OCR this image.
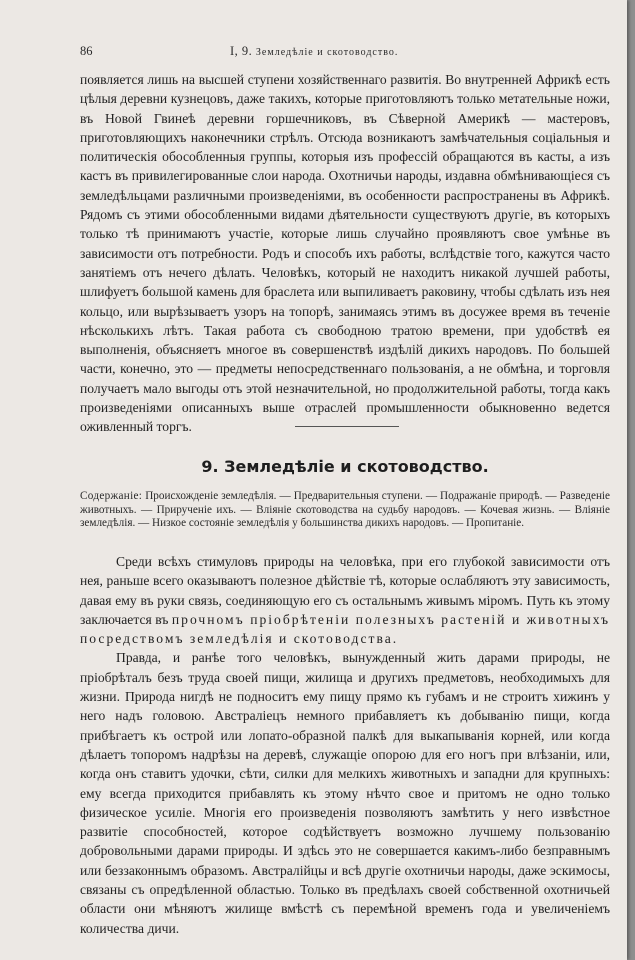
86	I, 9. Земледѣліе и скотоводство.

появляется лишь на высшей ступени хозяйственнаго развитія. Во внутренней Африкѣ есть цѣлыя деревни кузнецовъ, даже такихъ, которые приготовляютъ только метательные ножи, въ Новой Гвинеѣ деревни горшечниковъ, въ Сѣверной Америкѣ — мастеровъ, приготовляющихъ наконечники стрѣлъ. Отсюда возникаютъ замѣчательныя соціальныя и политическія обособленныя группы, которыя изъ профессій обращаются въ касты, а изъ кастъ въ привилегированные слои народа. Охотничьи народы, издавна обмѣнивающіеся съ земледѣльцами различными произведеніями, въ особенности распространены въ Африкѣ. Рядомъ съ этими обособленными видами дѣятельности существуютъ другіе, въ которыхъ только тѣ принимаютъ участіе, которые лишь случайно проявляютъ свое умѣнье въ зависимости отъ потребности. Родъ и способъ ихъ работы, вслѣдствіе того, кажутся часто занятіемъ отъ нечего дѣлать. Человѣкъ, который не находитъ никакой лучшей работы, шлифуетъ большой камень для браслета или выпиливаетъ раковину, чтобы сдѣлать изъ нея кольцо, или вырѣзываетъ узоръ на топорѣ, занимаясь этимъ въ досужее время въ теченіе нѣсколькихъ лѣтъ. Такая работа съ свободною тратою времени, при удобствѣ ея выполненія, объясняетъ многое въ совершенствѣ издѣлій дикихъ народовъ. По большей части, конечно, это — предметы непосредственнаго пользованія, а не обмѣна, и торговля получаетъ мало выгоды отъ этой незначительной, но продолжительной работы, тогда какъ произведеніями описанныхъ выше отраслей промышленности обыкновенно ведется оживленный торгъ.

9. Земледѣліе и скотоводство.

Содержаніе: Происхожденіе земледѣлія. — Предварительныя ступени. — Подражаніе природѣ. — Разведеніе животныхъ. — Прирученіе ихъ. — Вліяніе скотоводства на судьбу народовъ. — Кочевая жизнь. — Вліяніе земледѣлія. — Низкое состояніе земледѣлія у большинства дикихъ народовъ. — Пропитаніе.

Среди всѣхъ стимуловъ природы на человѣка, при его глубокой зависимости отъ нея, раньше всего оказываютъ полезное дѣйствіе тѣ, которые ослабляютъ эту зависимость, давая ему въ руки связь, соединяющую его съ остальнымъ живымъ міромъ. Путь къ этому заключается въ прочномъ пріобрѣтеніи полезныхъ растеній и животныхъ посредствомъ земледѣлія и скотоводства.

Правда, и ранѣе того человѣкъ, вынужденный жить дарами природы, не пріобрѣталъ безъ труда своей пищи, жилища и другихъ предметовъ, необходимыхъ для жизни. Природа нигдѣ не подноситъ ему пищу прямо къ губамъ и не строитъ хижинъ у него надъ головою. Австраліецъ немного прибавляетъ къ добыванію пищи, когда прибѣгаетъ къ острой или лопато-образной палкѣ для выкапыванія корней, или когда дѣлаетъ топоромъ надрѣзы на деревѣ, служащіе опорою для его ногъ при влѣзаніи, или, когда онъ ставитъ удочки, сѣти, силки для мелкихъ животныхъ и западни для крупныхъ: ему всегда приходится прибавлять къ этому нѣчто свое и притомъ не одно только физическое усиліе. Многія его произведенія позволяютъ замѣтить у него извѣстное развитіе способностей, которое содѣйствуетъ возможно лучшему пользованію добровольными дарами природы. И здѣсь это не совершается какимъ-либо безправнымъ или беззаконнымъ образомъ. Австралійцы и всѣ другіе охотничьи народы, даже эскимосы, связаны съ опредѣленной областью. Только въ предѣлахъ своей собственной охотничьей области они мѣняютъ жилище вмѣстѣ съ перемѣной временъ года и увеличеніемъ количества дичи.
